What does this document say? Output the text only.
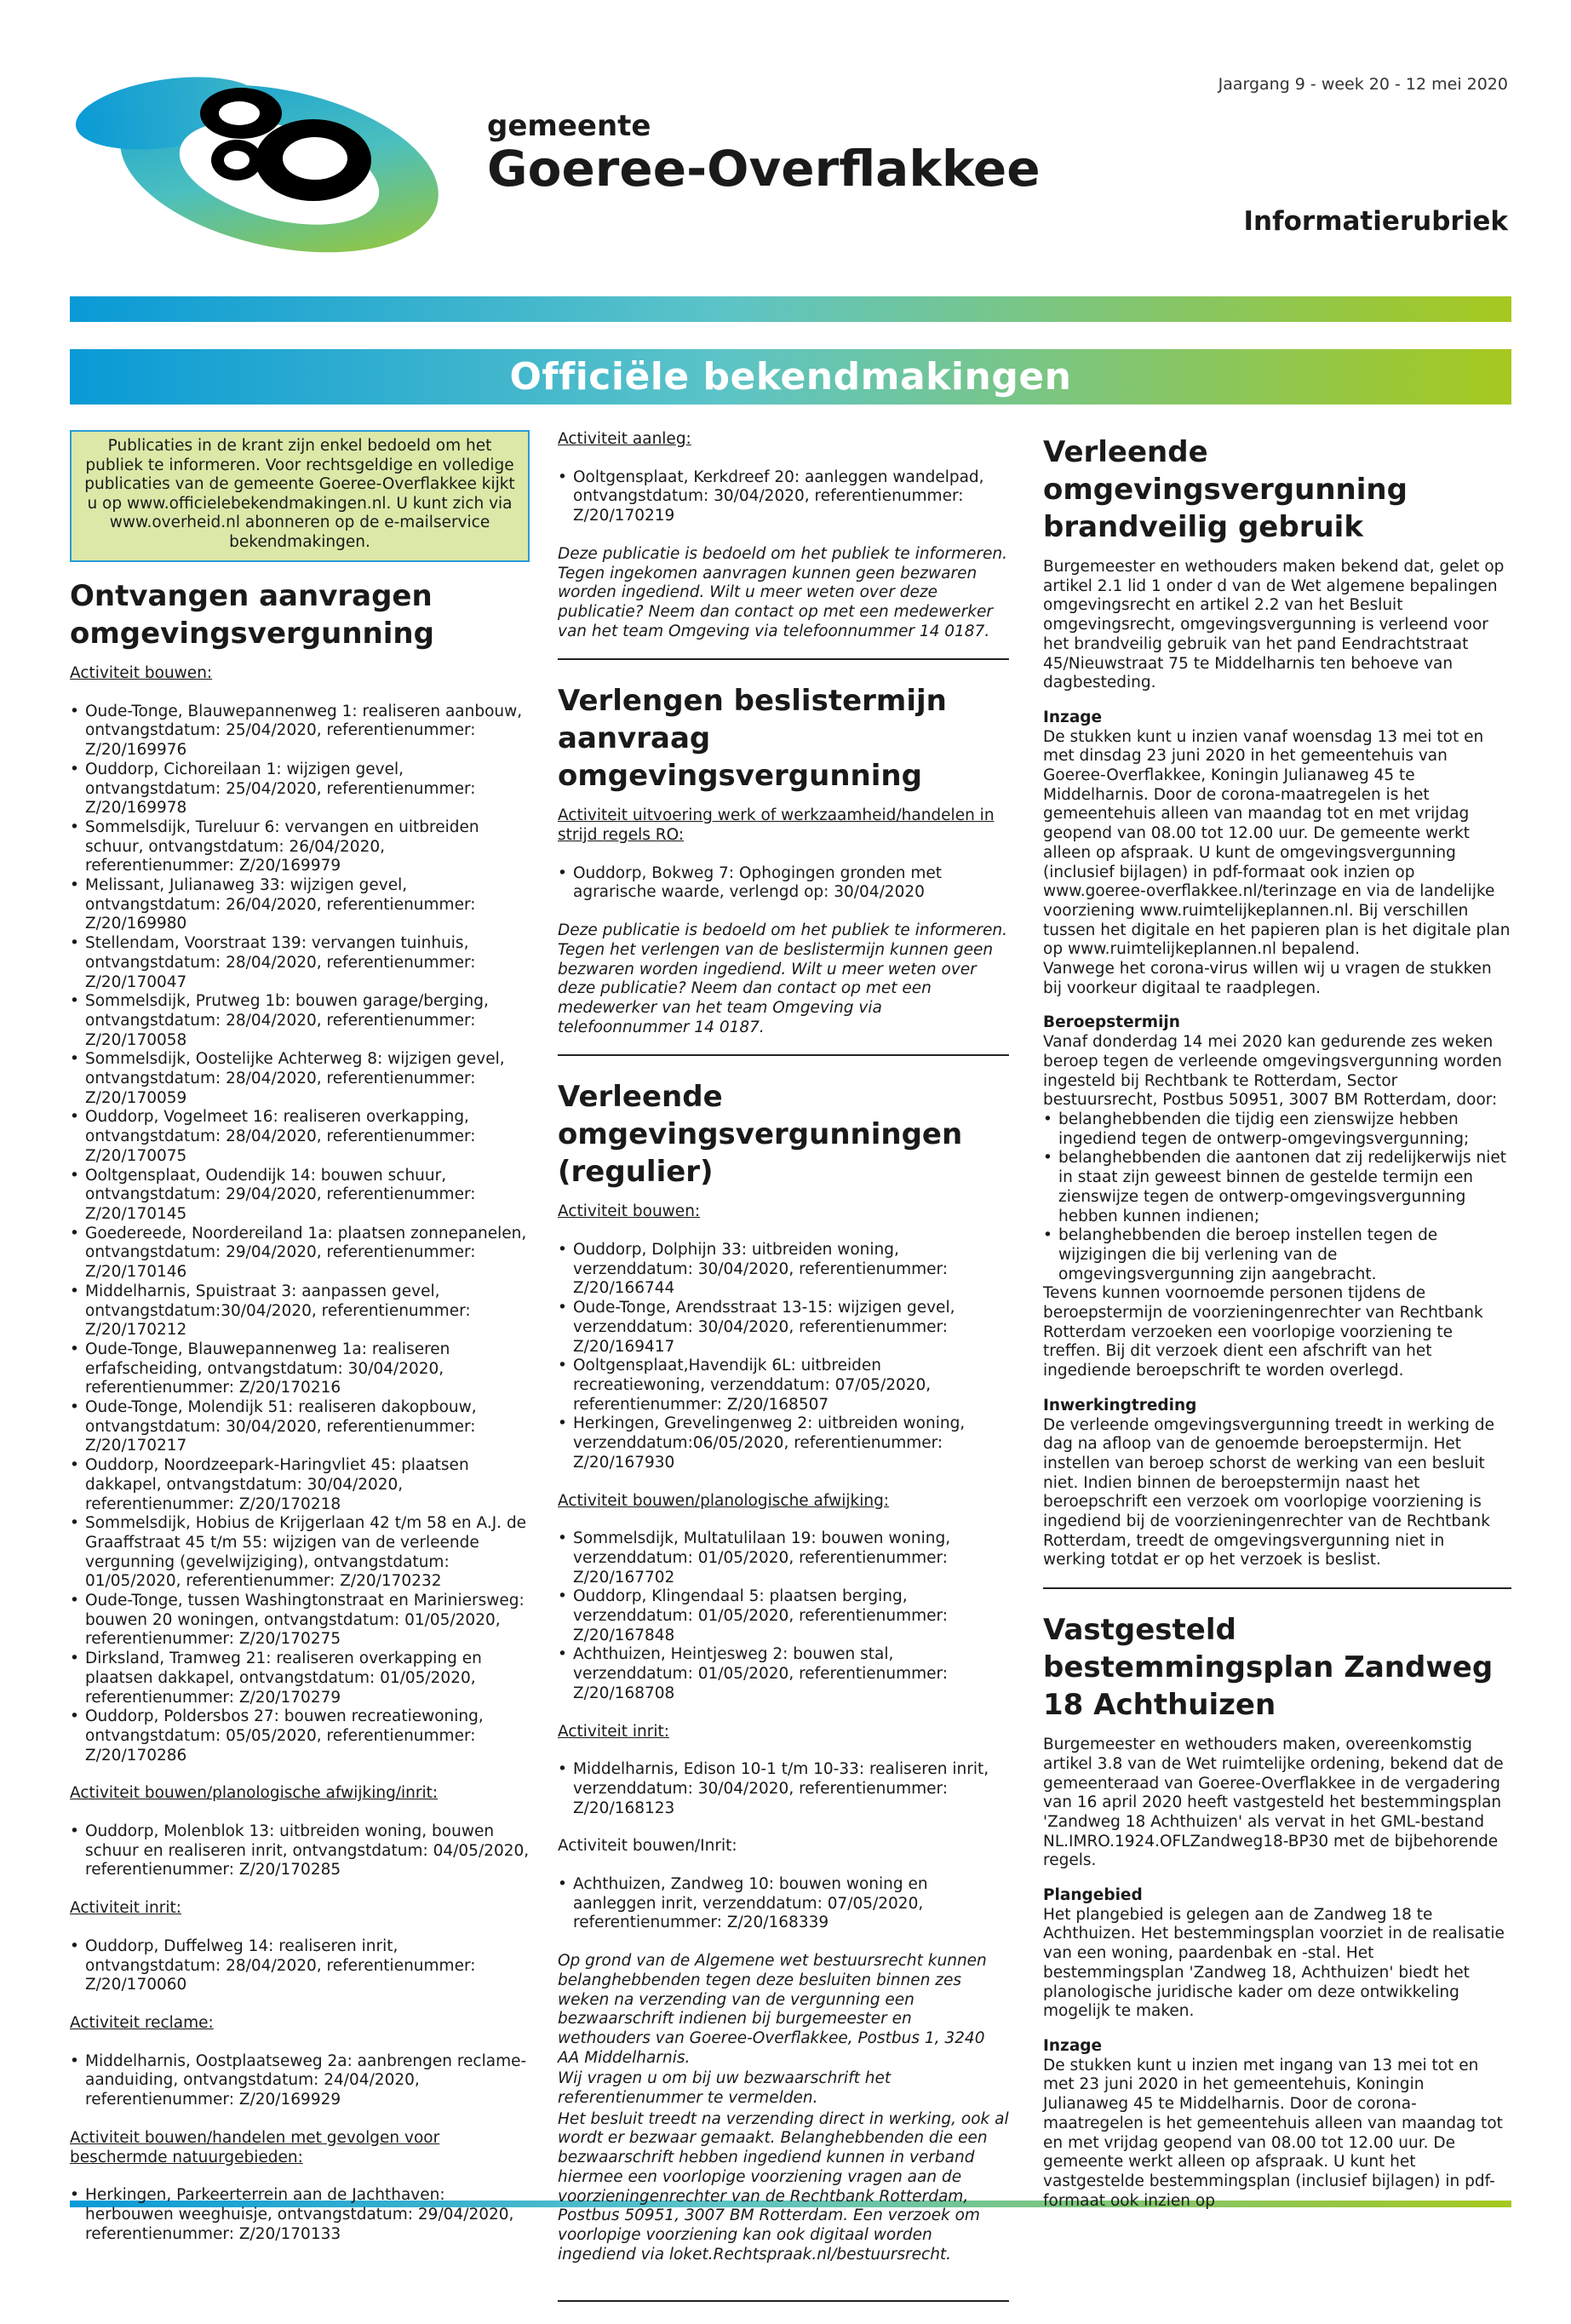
Jaargang 9 - week 20 - 12 mei 2020
gemeente
Goeree-Overflakkee
Informatierubriek
Officiële bekendmakingen
Publicaties in de krant zijn enkel bedoeld om het publiek te informeren. Voor rechtsgeldige en volledige publicaties van de gemeente Goeree-Overflakkee kijkt u op www.officielebekendmakingen.nl. U kunt zich via www.overheid.nl abonneren op de e-mailservice bekendmakingen.
Ontvangen aanvragen omgevingsvergunning

Activiteit bouwen:

• Oude-Tonge, Blauwepannenweg 1: realiseren aanbouw, ontvangstdatum: 25/04/2020, referentienummer: Z/20/169976
• Ouddorp, Cichoreilaan 1: wijzigen gevel, ontvangstdatum: 25/04/2020, referentienummer: Z/20/169978
• Sommelsdijk, Tureluur 6: vervangen en uitbreiden schuur, ontvangstdatum: 26/04/2020, referentienummer: Z/20/169979
• Melissant, Julianaweg 33: wijzigen gevel, ontvangstdatum: 26/04/2020, referentienummer: Z/20/169980
• Stellendam, Voorstraat 139: vervangen tuinhuis, ontvangstdatum: 28/04/2020, referentienummer: Z/20/170047
• Sommelsdijk, Prutweg 1b: bouwen garage/berging, ontvangstdatum: 28/04/2020, referentienummer: Z/20/170058
• Sommelsdijk, Oostelijke Achterweg 8: wijzigen gevel, ontvangstdatum: 28/04/2020, referentienummer: Z/20/170059
• Ouddorp, Vogelmeet 16: realiseren overkapping, ontvangstdatum: 28/04/2020, referentienummer: Z/20/170075
• Ooltgensplaat, Oudendijk 14: bouwen schuur, ontvangstdatum: 29/04/2020, referentienummer: Z/20/170145
• Goedereede, Noordereiland 1a: plaatsen zonnepanelen, ontvangstdatum: 29/04/2020, referentienummer: Z/20/170146
• Middelharnis, Spuistraat 3: aanpassen gevel, ontvangstdatum:30/04/2020, referentienummer: Z/20/170212
• Oude-Tonge, Blauwepannenweg 1a: realiseren erfafscheiding, ontvangstdatum: 30/04/2020, referentienummer: Z/20/170216
• Oude-Tonge, Molendijk 51: realiseren dakopbouw, ontvangstdatum: 30/04/2020, referentienummer: Z/20/170217
• Ouddorp, Noordzeepark-Haringvliet 45: plaatsen dakkapel, ontvangstdatum: 30/04/2020, referentienummer: Z/20/170218
• Sommelsdijk, Hobius de Krijgerlaan 42 t/m 58 en A.J. de Graaffstraat 45 t/m 55: wijzigen van de verleende vergunning (gevelwijziging), ontvangstdatum: 01/05/2020, referentienummer: Z/20/170232
• Oude-Tonge, tussen Washingtonstraat en Mariniersweg: bouwen 20 woningen, ontvangstdatum: 01/05/2020, referentienummer: Z/20/170275
• Dirksland, Tramweg 21: realiseren overkapping en plaatsen dakkapel, ontvangstdatum: 01/05/2020, referentienummer: Z/20/170279
• Ouddorp, Poldersbos 27: bouwen recreatiewoning, ontvangstdatum: 05/05/2020, referentienummer: Z/20/170286

Activiteit bouwen/planologische afwijking/inrit:

• Ouddorp, Molenblok 13: uitbreiden woning, bouwen schuur en realiseren inrit, ontvangstdatum: 04/05/2020, referentienummer: Z/20/170285

Activiteit inrit:

• Ouddorp, Duffelweg 14: realiseren inrit, ontvangstdatum: 28/04/2020, referentienummer: Z/20/170060

Activiteit reclame:

• Middelharnis, Oostplaatseweg 2a: aanbrengen reclame-aanduiding, ontvangstdatum: 24/04/2020, referentienummer: Z/20/169929

Activiteit bouwen/handelen met gevolgen voor beschermde natuurgebieden:

• Herkingen, Parkeerterrein aan de Jachthaven: herbouwen weeghuisje, ontvangstdatum: 29/04/2020, referentienummer: Z/20/170133

Activiteit aanleg:

• Ooltgensplaat, Kerkdreef 20: aanleggen wandelpad, ontvangstdatum: 30/04/2020, referentienummer: Z/20/170219

Deze publicatie is bedoeld om het publiek te informeren. Tegen ingekomen aanvragen kunnen geen bezwaren worden ingediend. Wilt u meer weten over deze publicatie? Neem dan contact op met een medewerker van het team Omgeving via telefoonnummer 14 0187.

Verlengen beslistermijn aanvraag omgevingsvergunning

Activiteit uitvoering werk of werkzaamheid/handelen in strijd regels RO:

• Ouddorp, Bokweg 7: Ophogingen gronden met agrarische waarde, verlengd op: 30/04/2020

Deze publicatie is bedoeld om het publiek te informeren. Tegen het verlengen van de beslistermijn kunnen geen bezwaren worden ingediend. Wilt u meer weten over deze publicatie? Neem dan contact op met een medewerker van het team Omgeving via telefoonnummer 14 0187.

Verleende omgevingsvergunningen (regulier)

Activiteit bouwen:

• Ouddorp, Dolphijn 33: uitbreiden woning, verzenddatum: 30/04/2020, referentienummer: Z/20/166744
• Oude-Tonge, Arendsstraat 13-15: wijzigen gevel, verzenddatum: 30/04/2020, referentienummer: Z/20/169417
• Ooltgensplaat,Havendijk 6L: uitbreiden recreatiewoning, verzenddatum: 07/05/2020, referentienummer: Z/20/168507
• Herkingen, Grevelingenweg 2: uitbreiden woning, verzenddatum:06/05/2020, referentienummer: Z/20/167930

Activiteit bouwen/planologische afwijking:

• Sommelsdijk, Multatulilaan 19: bouwen woning, verzenddatum: 01/05/2020, referentienummer: Z/20/167702
• Ouddorp, Klingendaal 5: plaatsen berging, verzenddatum: 01/05/2020, referentienummer: Z/20/167848
• Achthuizen, Heintjesweg 2: bouwen stal, verzenddatum: 01/05/2020, referentienummer: Z/20/168708

Activiteit inrit:

• Middelharnis, Edison 10-1 t/m 10-33: realiseren inrit, verzenddatum: 30/04/2020, referentienummer: Z/20/168123

Activiteit bouwen/Inrit:

• Achthuizen, Zandweg 10: bouwen woning en aanleggen inrit, verzenddatum: 07/05/2020, referentienummer: Z/20/168339

Op grond van de Algemene wet bestuursrecht kunnen belanghebbenden tegen deze besluiten binnen zes weken na verzending van de vergunning een bezwaarschrift indienen bij burgemeester en wethouders van Goeree-Overflakkee, Postbus 1, 3240 AA Middelharnis.

Wij vragen u om bij uw bezwaarschrift het referentienummer te vermelden.

Het besluit treedt na verzending direct in werking, ook al wordt er bezwaar gemaakt. Belanghebbenden die een bezwaarschrift hebben ingediend kunnen in verband hiermee een voorlopige voorziening vragen aan de voorzieningenrechter van de Rechtbank Rotterdam, Postbus 50951, 3007 BM Rotterdam. Een verzoek om voorlopige voorziening kan ook digitaal worden ingediend via loket.Rechtspraak.nl/bestuursrecht.

Verleende omgevingsvergunning brandveilig gebruik

Burgemeester en wethouders maken bekend dat, gelet op artikel 2.1 lid 1 onder d van de Wet algemene bepalingen omgevingsrecht en artikel 2.2 van het Besluit omgevingsrecht, omgevingsvergunning is verleend voor het brandveilig gebruik van het pand Eendrachtstraat 45/Nieuwstraat 75 te Middelharnis ten behoeve van dagbesteding.

Inzage

De stukken kunt u inzien vanaf woensdag 13 mei tot en met dinsdag 23 juni 2020 in het gemeentehuis van Goeree-Overflakkee, Koningin Julianaweg 45 te Middelharnis. Door de corona-maatregelen is het gemeentehuis alleen van maandag tot en met vrijdag geopend van 08.00 tot 12.00 uur. De gemeente werkt alleen op afspraak. U kunt de omgevingsvergunning (inclusief bijlagen) in pdf-formaat ook inzien op www.goeree-overflakkee.nl/terinzage en via de landelijke voorziening www.ruimtelijkeplannen.nl. Bij verschillen tussen het digitale en het papieren plan is het digitale plan op www.ruimtelijkeplannen.nl bepalend.

Vanwege het corona-virus willen wij u vragen de stukken bij voorkeur digitaal te raadplegen.

Beroepstermijn

Vanaf donderdag 14 mei 2020 kan gedurende zes weken beroep tegen de verleende omgevingsvergunning worden ingesteld bij Rechtbank te Rotterdam, Sector bestuursrecht, Postbus 50951, 3007 BM Rotterdam, door:

• belanghebbenden die tijdig een zienswijze hebben ingediend tegen de ontwerp-omgevingsvergunning;
• belanghebbenden die aantonen dat zij redelijkerwijs niet in staat zijn geweest binnen de gestelde termijn een zienswijze tegen de ontwerp-omgevingsvergunning hebben kunnen indienen;
• belanghebbenden die beroep instellen tegen de wijzigingen die bij verlening van de omgevingsvergunning zijn aangebracht.

Tevens kunnen voornoemde personen tijdens de beroepstermijn de voorzieningenrechter van Rechtbank Rotterdam verzoeken een voorlopige voorziening te treffen. Bij dit verzoek dient een afschrift van het ingediende beroepschrift te worden overlegd.

Inwerkingtreding

De verleende omgevingsvergunning treedt in werking de dag na afloop van de genoemde beroepstermijn. Het instellen van beroep schorst de werking van een besluit niet. Indien binnen de beroepstermijn naast het beroepschrift een verzoek om voorlopige voorziening is ingediend bij de voorzieningenrechter van de Rechtbank Rotterdam, treedt de omgevingsvergunning niet in werking totdat er op het verzoek is beslist.

Vastgesteld bestemmingsplan Zandweg 18 Achthuizen

Burgemeester en wethouders maken, overeenkomstig artikel 3.8 van de Wet ruimtelijke ordening, bekend dat de gemeenteraad van Goeree-Overflakkee in de vergadering van 16 april 2020 heeft vastgesteld het bestemmingsplan 'Zandweg 18 Achthuizen' als vervat in het GML-bestand NL.IMRO.1924.OFLZandweg18-BP30 met de bijbehorende regels.

Plangebied

Het plangebied is gelegen aan de Zandweg 18 te Achthuizen. Het bestemmingsplan voorziet in de realisatie van een woning, paardenbak en -stal. Het bestemmingsplan 'Zandweg 18, Achthuizen' biedt het planologische juridische kader om deze ontwikkeling mogelijk te maken.

Inzage

De stukken kunt u inzien met ingang van 13 mei tot en met 23 juni 2020 in het gemeentehuis, Koningin Julianaweg 45 te Middelharnis. Door de corona-maatregelen is het gemeentehuis alleen van maandag tot en met vrijdag geopend van 08.00 tot 12.00 uur. De gemeente werkt alleen op afspraak. U kunt het vastgestelde bestemmingsplan (inclusief bijlagen) in pdf-formaat ook inzien op
